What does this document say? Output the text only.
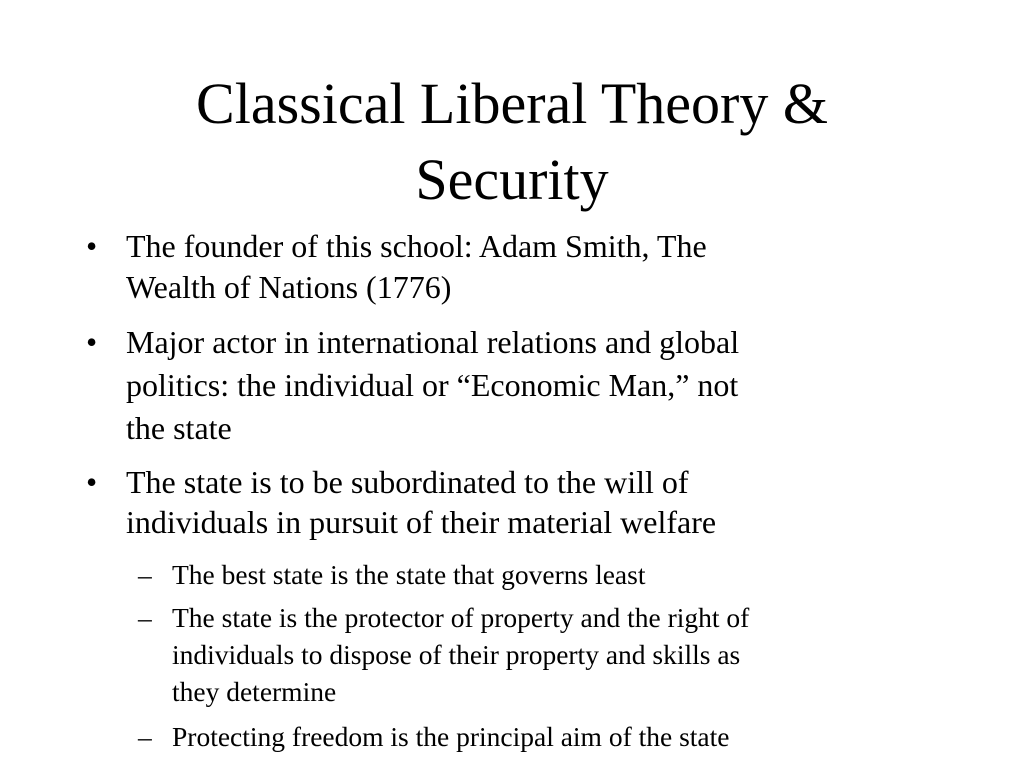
Classical Liberal Theory &
Security
• The founder of this school: Adam Smith, The
Wealth of Nations (1776)
• Major actor in international relations and global
politics: the individual or “Economic Man,” not
the state
• The state is to be subordinated to the will of
individuals in pursuit of their material welfare
– The best state is the state that governs least
– The state is the protector of property and the right of
individuals to dispose of their property and skills as
they determine
– Protecting freedom is the principal aim of the state
